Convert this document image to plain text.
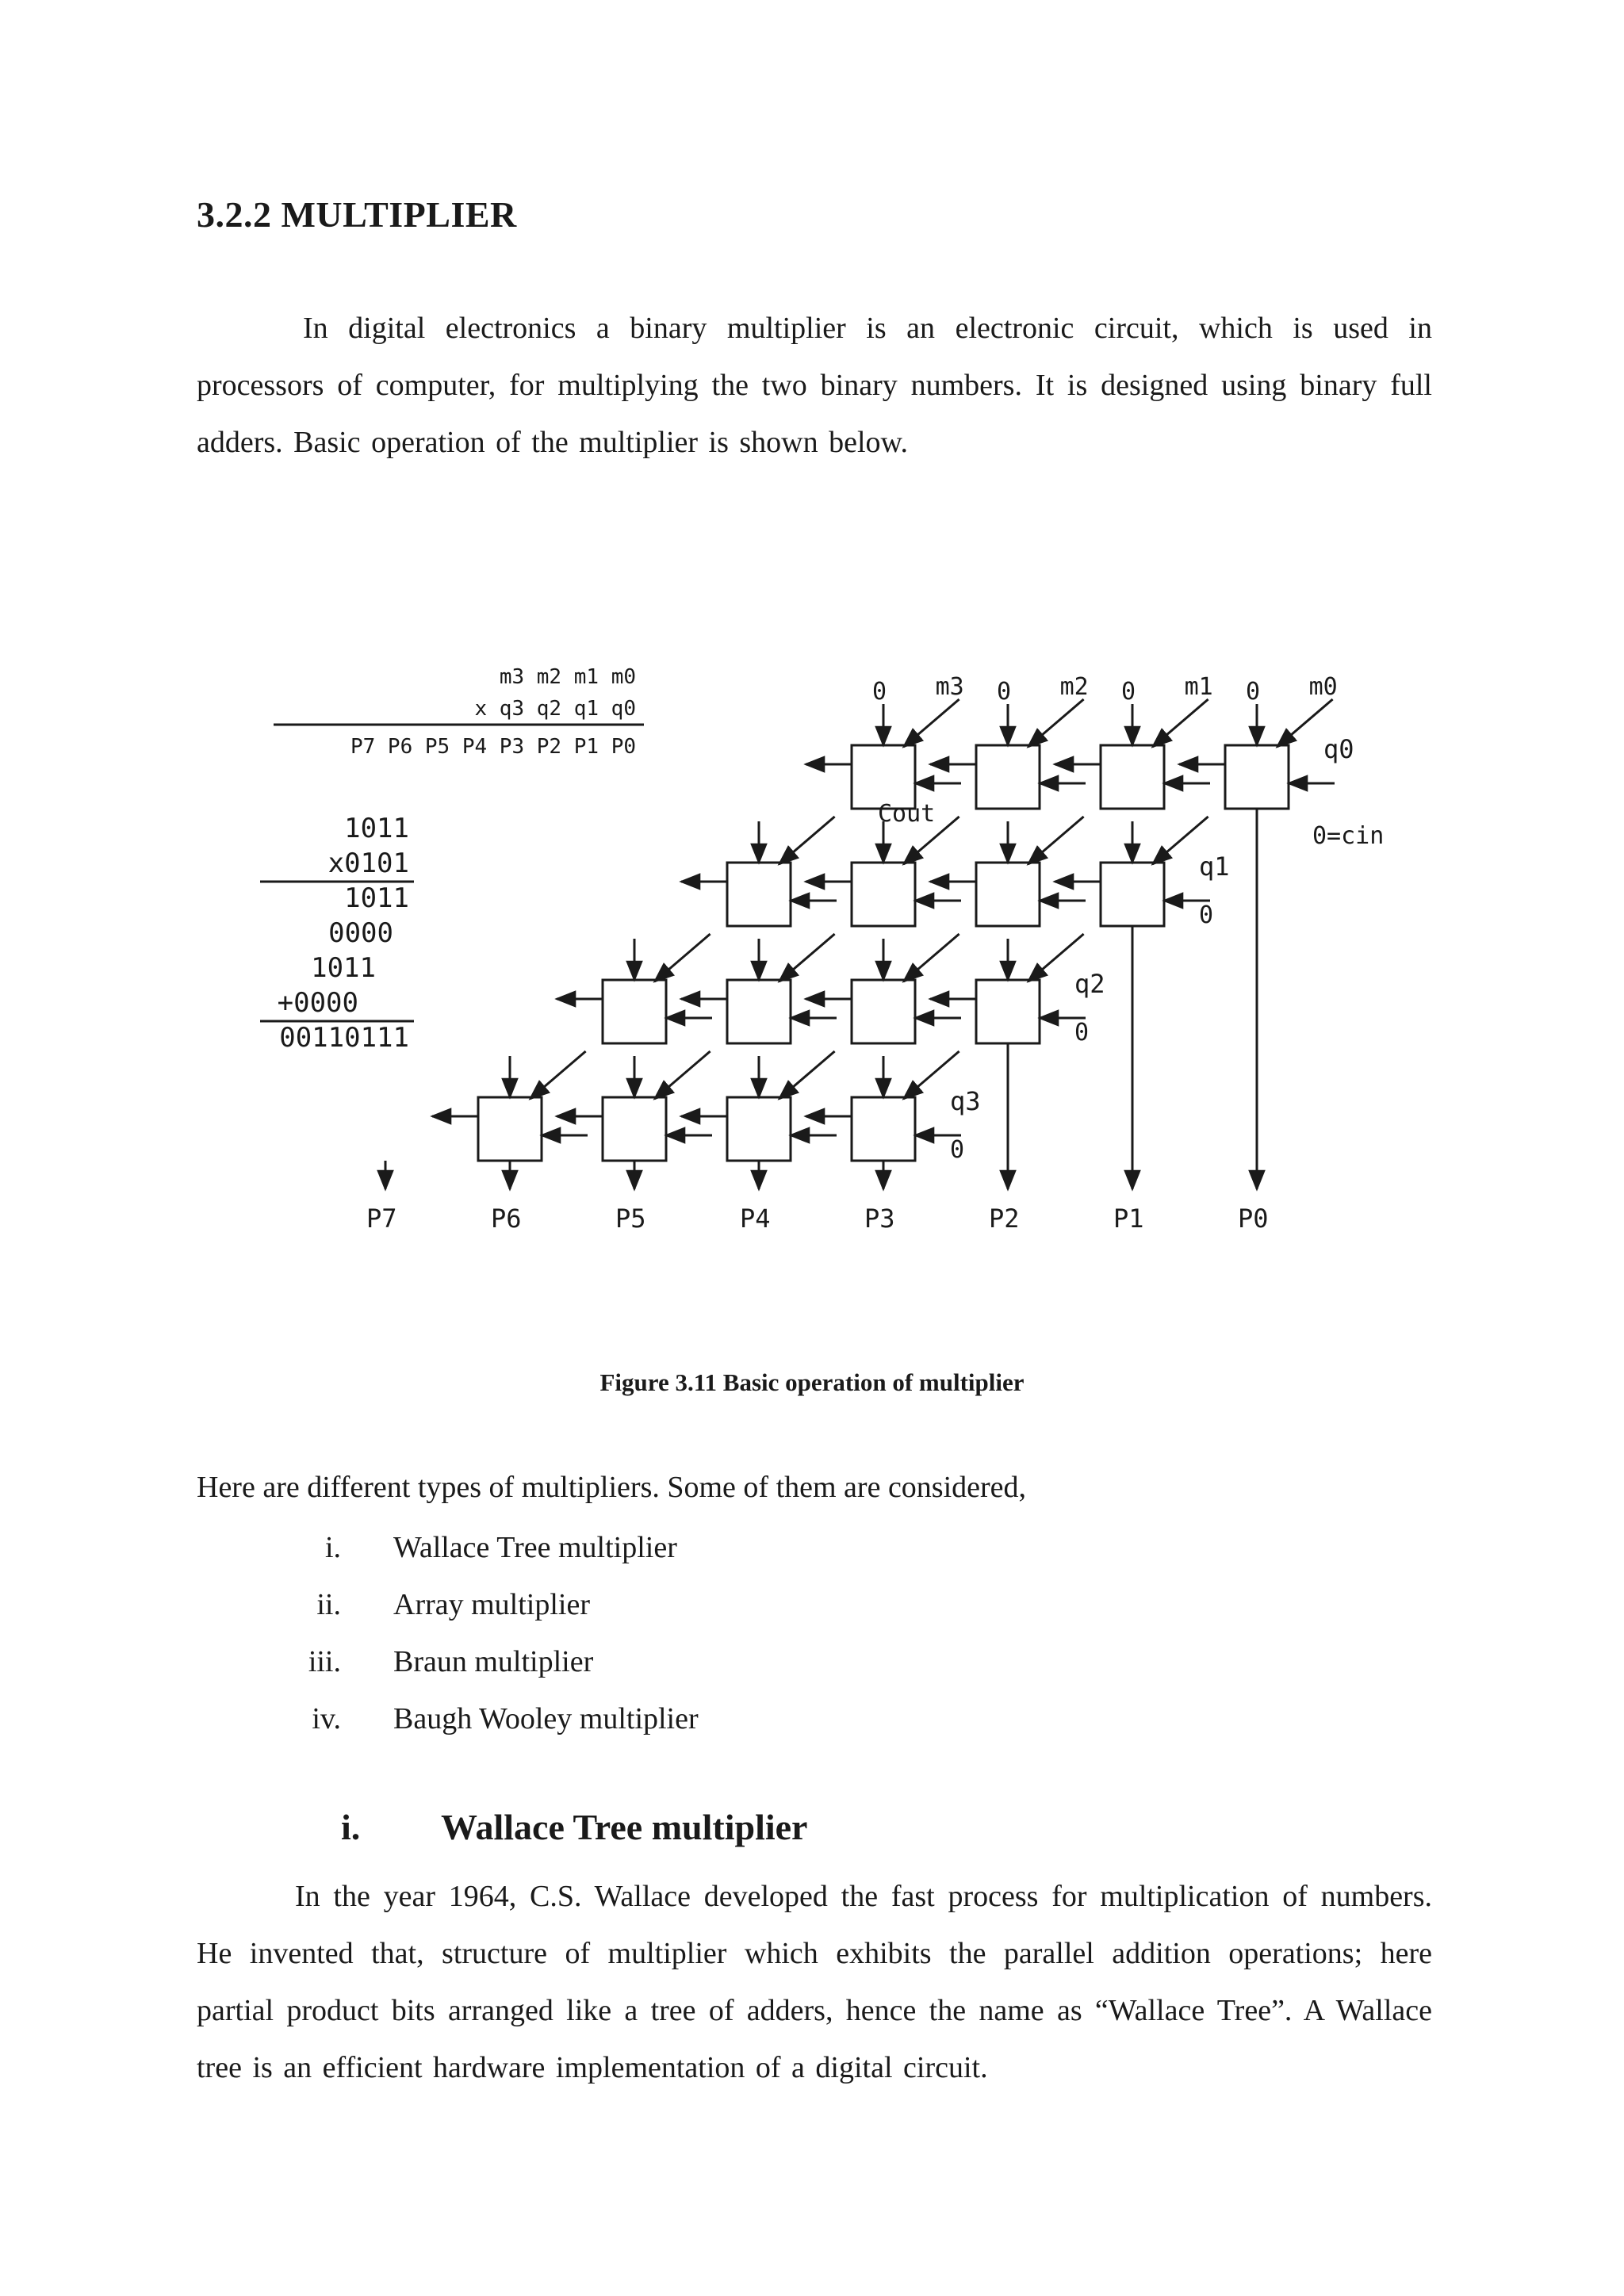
3.2.2 MULTIPLIER

In digital electronics a binary multiplier is an electronic circuit, which is used in processors of computer, for multiplying the two binary numbers. It is designed using binary full adders. Basic operation of the multiplier is shown below.

m3 m2 m1 m0
x q3 q2 q1 q0
P7 P6 P5 P4 P3 P2 P1 P0
1011
x0101
1011
0000
1011
+0000
00110111
0 m0
0 m1
0 m2
0 m3
q0
q1
0
q2
0
q3
0
0=cin
Cout
P7	P6	P5	P4	P3	P2	P1	P0

Figure 3.11 Basic operation of multiplier

Here are different types of multipliers. Some of them are considered,

i. Wallace Tree multiplier
ii. Array multiplier
iii. Braun multiplier
iv. Baugh Wooley multiplier
i. Wallace Tree multiplier

In the year 1964, C.S. Wallace developed the fast process for multiplication of numbers. He invented that, structure of multiplier which exhibits the parallel addition operations; here partial product bits arranged like a tree of adders, hence the name as “Wallace Tree”. A Wallace tree is an efficient hardware implementation of a digital circuit.
